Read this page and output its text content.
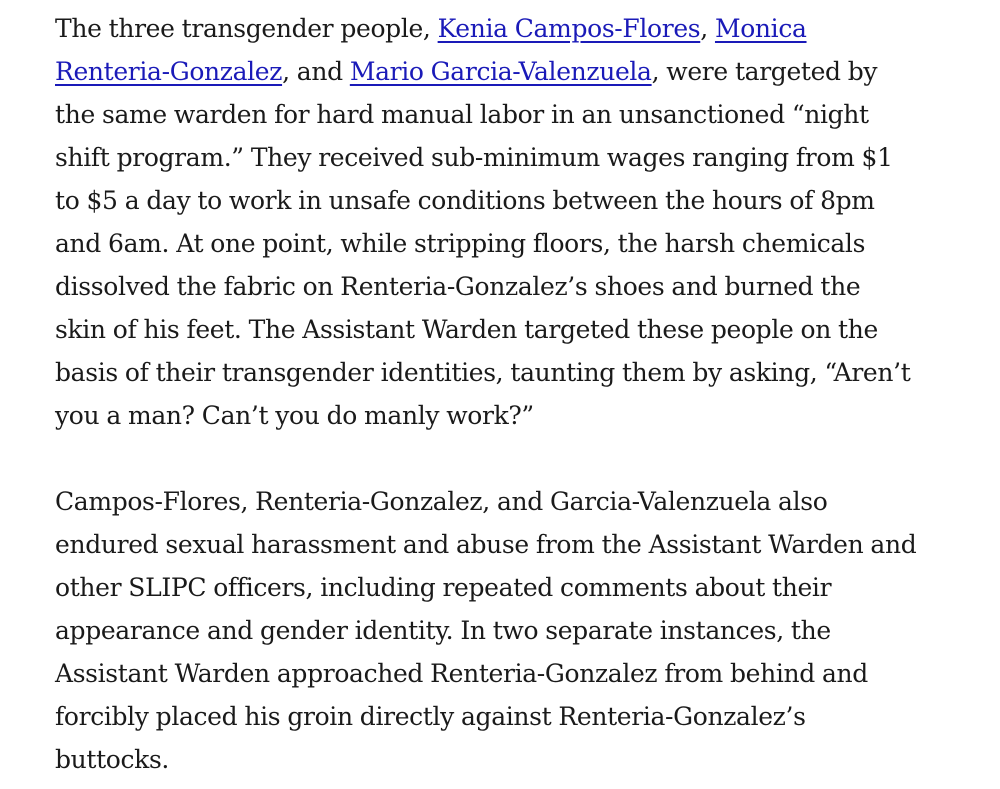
The three transgender people, Kenia Campos-Flores, Monica
Renteria-Gonzalez, and Mario Garcia-Valenzuela, were targeted by
the same warden for hard manual labor in an unsanctioned “night
shift program.” They received sub-minimum wages ranging from $1
to $5 a day to work in unsafe conditions between the hours of 8pm
and 6am. At one point, while stripping floors, the harsh chemicals
dissolved the fabric on Renteria-Gonzalez’s shoes and burned the
skin of his feet. The Assistant Warden targeted these people on the
basis of their transgender identities, taunting them by asking, “Aren’t
you a man? Can’t you do manly work?”

Campos-Flores, Renteria-Gonzalez, and Garcia-Valenzuela also
endured sexual harassment and abuse from the Assistant Warden and
other SLIPC officers, including repeated comments about their
appearance and gender identity. In two separate instances, the
Assistant Warden approached Renteria-Gonzalez from behind and
forcibly placed his groin directly against Renteria-Gonzalez’s
buttocks.
